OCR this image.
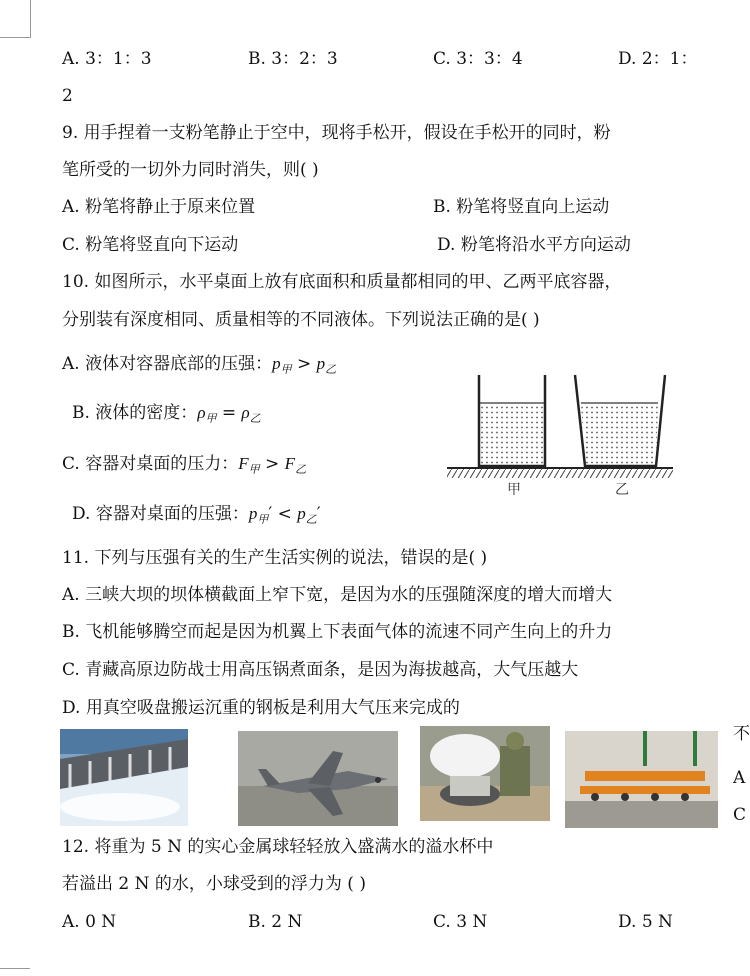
A. 3：1：3	B. 3：2：3	C. 3：3：4	D. 2：1：
2
9. 用手捏着一支粉笔静止于空中，现将手松开，假设在手松开的同时，粉
笔所受的一切外力同时消失，则( )
A. 粉笔将静止于原来位置	B. 粉笔将竖直向上运动
C. 粉笔将竖直向下运动	D. 粉笔将沿水平方向运动
10. 如图所示，水平桌面上放有底面积和质量都相同的甲、乙两平底容器，
分别装有深度相同、质量相等的不同液体。下列说法正确的是( )
A. 液体对容器底部的压强：$p_甲 > p_乙$
B. 液体的密度：$\rho_甲 = \rho_乙$
C. 容器对桌面的压力：$F_甲 > F_乙$
D. 容器对桌面的压强：$p_甲' < p_乙'$
甲	乙
11. 下列与压强有关的生产生活实例的说法，错误的是( )
A. 三峡大坝的坝体横截面上窄下宽，是因为水的压强随深度的增大而增大
B. 飞机能够腾空而起是因为机翼上下表面气体的流速不同产生向上的升力
C. 青藏高原边防战士用高压锅煮面条，是因为海拔越高，大气压越大
D. 用真空吸盘搬运沉重的钢板是利用大气压来完成的
不
A
C
12. 将重为 5 N 的实心金属球轻轻放入盛满水的溢水杯中
若溢出 2 N 的水，小球受到的浮力为 ( )
A. 0 N	B. 2 N	C. 3 N	D. 5 N
